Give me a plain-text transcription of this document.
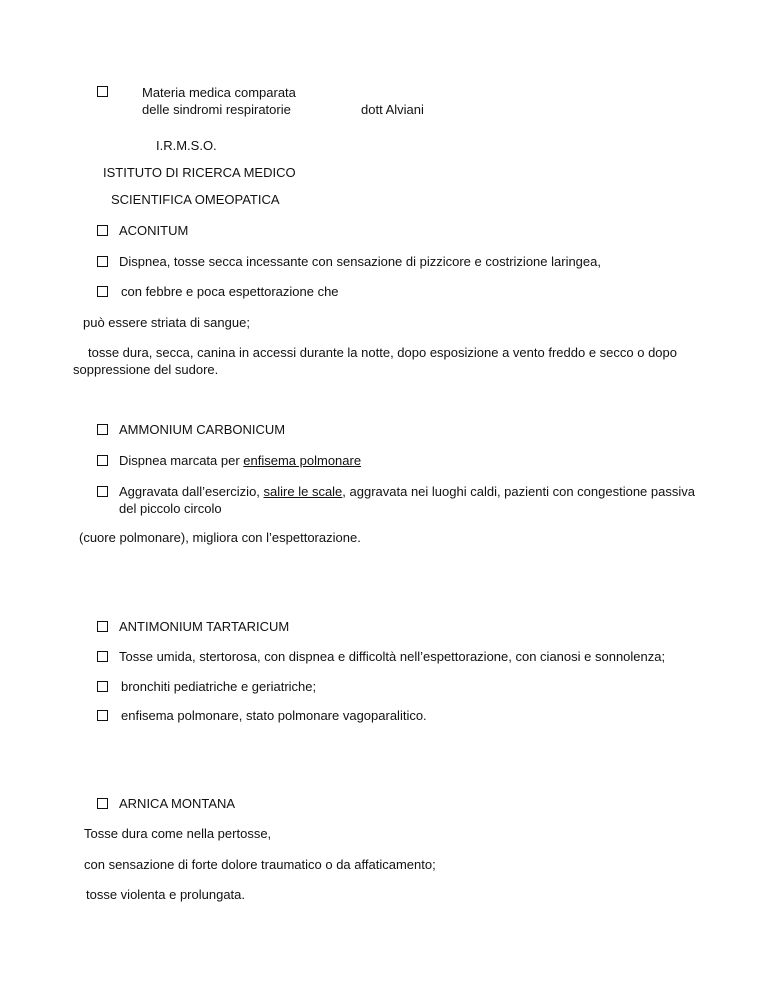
Materia medica comparata
delle sindromi respiratorie	dott Alviani
I.R.M.S.O.
ISTITUTO DI RICERCA MEDICO
SCIENTIFICA OMEOPATICA
ACONITUM
Dispnea, tosse secca incessante con sensazione di pizzicore e costrizione laringea,
con febbre e poca espettorazione che
può essere striata di sangue;
tosse dura, secca, canina in accessi durante la notte, dopo esposizione a vento freddo e secco o dopo
soppressione del sudore.
AMMONIUM CARBONICUM
Dispnea marcata per enfisema polmonare
Aggravata dall’esercizio, salire le scale, aggravata nei luoghi caldi, pazienti con congestione passiva
del piccolo circolo
(cuore polmonare), migliora con l’espettorazione.
ANTIMONIUM TARTARICUM
Tosse umida, stertorosa, con dispnea e difficoltà nell’espettorazione, con cianosi e sonnolenza;
bronchiti pediatriche e geriatriche;
enfisema polmonare, stato polmonare vagoparalitico.
ARNICA MONTANA
Tosse dura come nella pertosse,
con sensazione di forte dolore traumatico o da affaticamento;
tosse violenta e prolungata.
